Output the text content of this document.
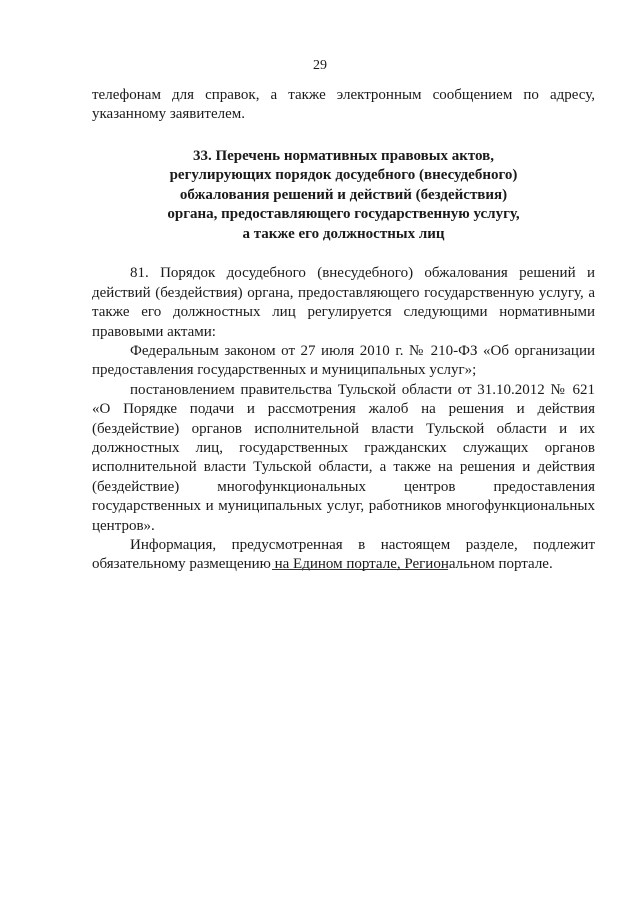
29

телефонам для справок, а также электронным сообщением по адресу, указанному заявителем.

33. Перечень нормативных правовых актов,
регулирующих порядок досудебного (внесудебного)
обжалования решений и действий (бездействия)
органа, предоставляющего государственную услугу,
а также его должностных лиц

81. Порядок досудебного (внесудебного) обжалования решений и действий (бездействия) органа, предоставляющего государственную услугу, а также его должностных лиц регулируется следующими нормативными правовыми актами:

Федеральным законом от 27 июля 2010 г. № 210-ФЗ «Об организации предоставления государственных и муниципальных услуг»;

постановлением правительства Тульской области от 31.10.2012 № 621 «О Порядке подачи и рассмотрения жалоб на решения и действия (бездействие) органов исполнительной власти Тульской области и их должностных лиц, государственных гражданских служащих органов исполнительной власти Тульской области, а также на решения и действия (бездействие) многофункциональных центров предоставления государственных и муниципальных услуг, работников многофункциональных центров».

Информация, предусмотренная в настоящем разделе, подлежит обязательному размещению на Едином портале, Региональном портале.
